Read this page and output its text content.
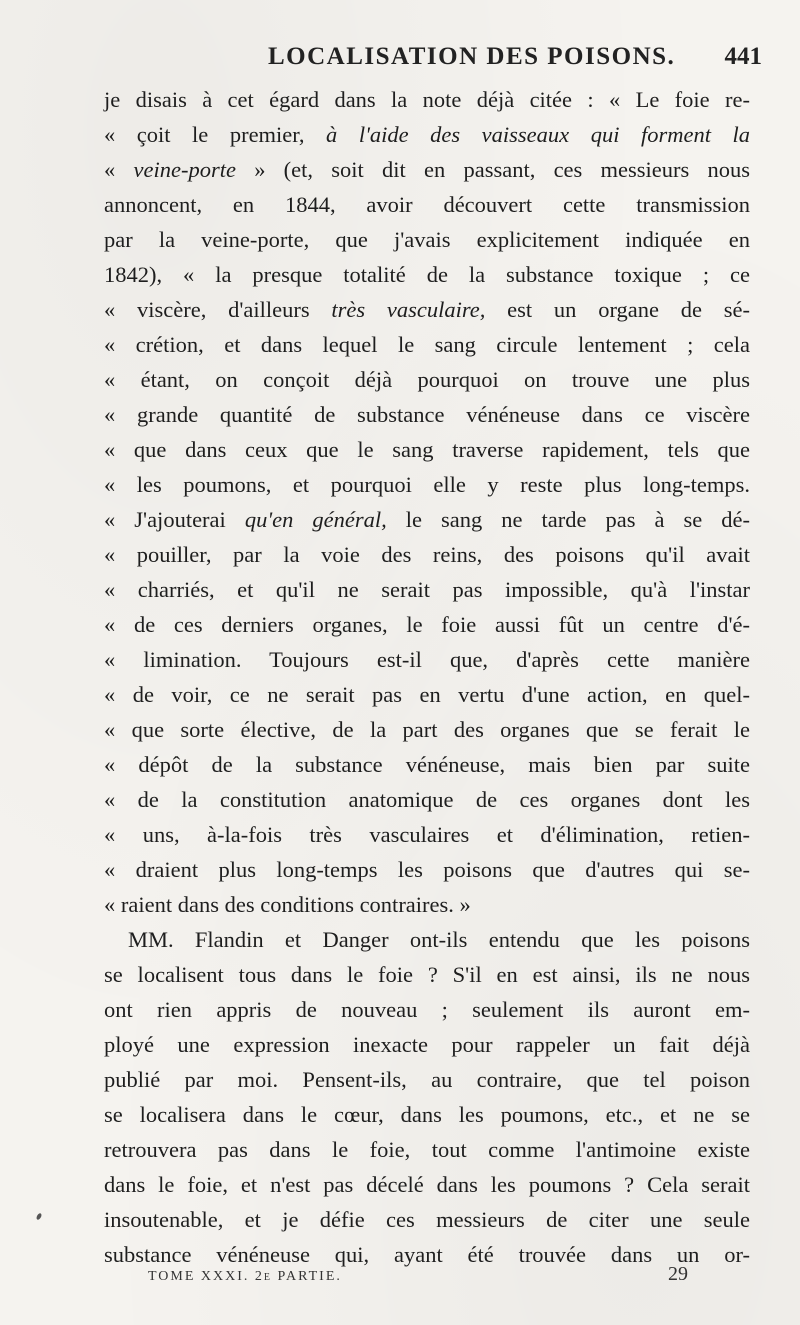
LOCALISATION DES POISONS. 441
je disais à cet égard dans la note déjà citée : « Le foie re-
« çoit le premier, à l'aide des vaisseaux qui forment la
« veine-porte » (et, soit dit en passant, ces messieurs nous
annoncent, en 1844, avoir découvert cette transmission
par la veine-porte, que j'avais explicitement indiquée en
1842), « la presque totalité de la substance toxique ; ce
« viscère, d'ailleurs très vasculaire, est un organe de sé-
« crétion, et dans lequel le sang circule lentement ; cela
« étant, on conçoit déjà pourquoi on trouve une plus
« grande quantité de substance vénéneuse dans ce viscère
« que dans ceux que le sang traverse rapidement, tels que
« les poumons, et pourquoi elle y reste plus long-temps.
« J'ajouterai qu'en général, le sang ne tarde pas à se dé-
« pouiller, par la voie des reins, des poisons qu'il avait
« charriés, et qu'il ne serait pas impossible, qu'à l'instar
« de ces derniers organes, le foie aussi fût un centre d'é-
« limination. Toujours est-il que, d'après cette manière
« de voir, ce ne serait pas en vertu d'une action, en quel-
« que sorte élective, de la part des organes que se ferait le
« dépôt de la substance vénéneuse, mais bien par suite
« de la constitution anatomique de ces organes dont les
« uns, à-la-fois très vasculaires et d'élimination, retien-
« draient plus long-temps les poisons que d'autres qui se-
« raient dans des conditions contraires. »
MM. Flandin et Danger ont-ils entendu que les poisons
se localisent tous dans le foie ? S'il en est ainsi, ils ne nous
ont rien appris de nouveau ; seulement ils auront em-
ployé une expression inexacte pour rappeler un fait déjà
publié par moi. Pensent-ils, au contraire, que tel poison
se localisera dans le cœur, dans les poumons, etc., et ne se
retrouvera pas dans le foie, tout comme l'antimoine existe
dans le foie, et n'est pas décelé dans les poumons ? Cela serait
insoutenable, et je défie ces messieurs de citer une seule
substance vénéneuse qui, ayant été trouvée dans un or-
TOME XXXI. 2e PARTIE.	29
